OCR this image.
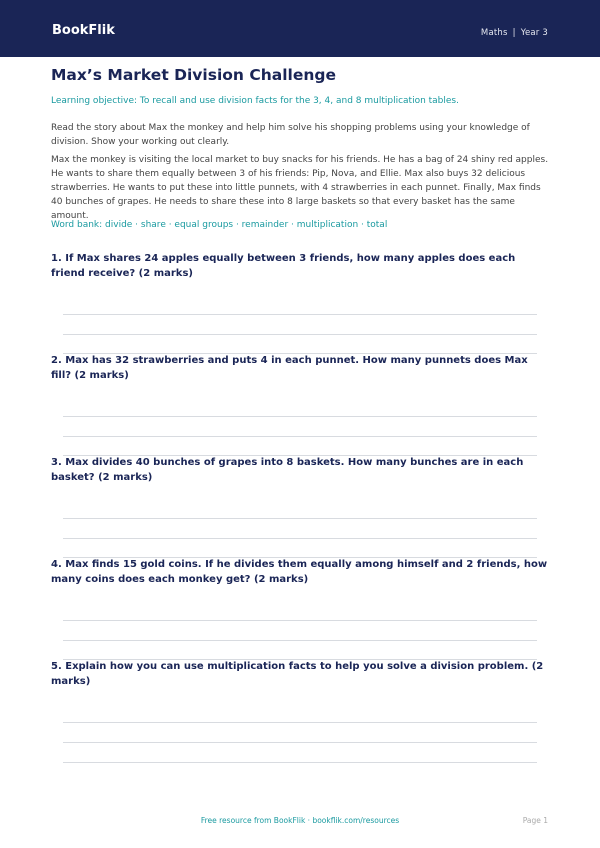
BookFlik	Maths | Year 3
Max’s Market Division Challenge
Learning objective: To recall and use division facts for the 3, 4, and 8 multiplication tables.
Read the story about Max the monkey and help him solve his shopping problems using your knowledge of division. Show your working out clearly.
Max the monkey is visiting the local market to buy snacks for his friends. He has a bag of 24 shiny red apples. He wants to share them equally between 3 of his friends: Pip, Nova, and Ellie. Max also buys 32 delicious strawberries. He wants to put these into little punnets, with 4 strawberries in each punnet. Finally, Max finds 40 bunches of grapes. He needs to share these into 8 large baskets so that every basket has the same amount.
Word bank: divide · share · equal groups · remainder · multiplication · total
1. If Max shares 24 apples equally between 3 friends, how many apples does each friend receive? (2 marks)
2. Max has 32 strawberries and puts 4 in each punnet. How many punnets does Max fill? (2 marks)
3. Max divides 40 bunches of grapes into 8 baskets. How many bunches are in each basket? (2 marks)
4. Max finds 15 gold coins. If he divides them equally among himself and 2 friends, how many coins does each monkey get? (2 marks)
5. Explain how you can use multiplication facts to help you solve a division problem. (2 marks)
Free resource from BookFlik · bookflik.com/resources	Page 1
